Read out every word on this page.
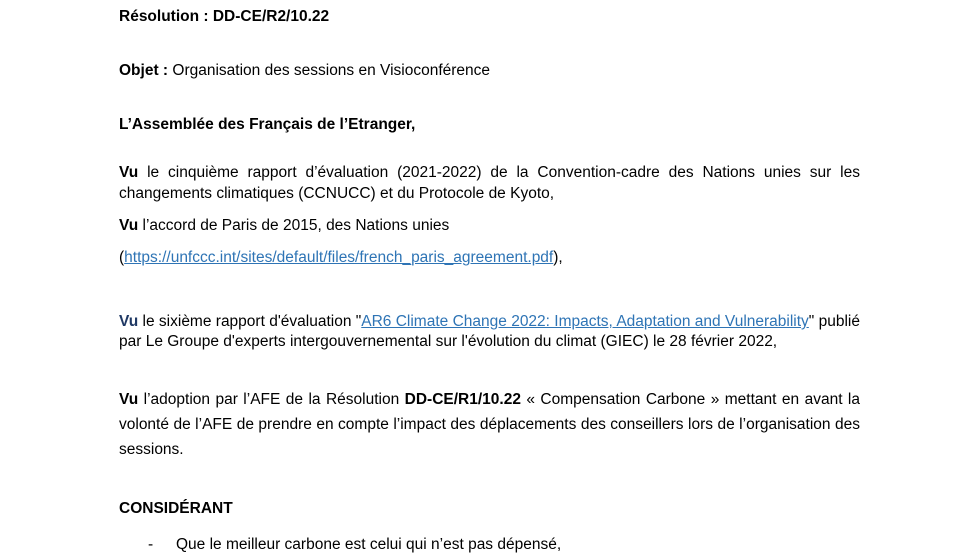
Résolution : DD-CE/R2/10.22
Objet : Organisation des sessions en Visioconférence
L’Assemblée des Français de l’Etranger,
Vu le cinquième rapport d’évaluation (2021-2022) de la Convention-cadre des Nations unies sur les changements climatiques (CCNUCC) et du Protocole de Kyoto,
Vu l’accord de Paris de 2015, des Nations unies
(https://unfccc.int/sites/default/files/french_paris_agreement.pdf),
Vu le sixième rapport d'évaluation "AR6 Climate Change 2022: Impacts, Adaptation and Vulnerability" publié par Le Groupe d'experts intergouvernemental sur l'évolution du climat (GIEC) le 28 février 2022,
Vu l’adoption par l’AFE de la Résolution DD-CE/R1/10.22 « Compensation Carbone » mettant en avant la volonté de l’AFE de prendre en compte l’impact des déplacements des conseillers lors de l’organisation des sessions.
CONSIDÉRANT
- Que le meilleur carbone est celui qui n’est pas dépensé,
